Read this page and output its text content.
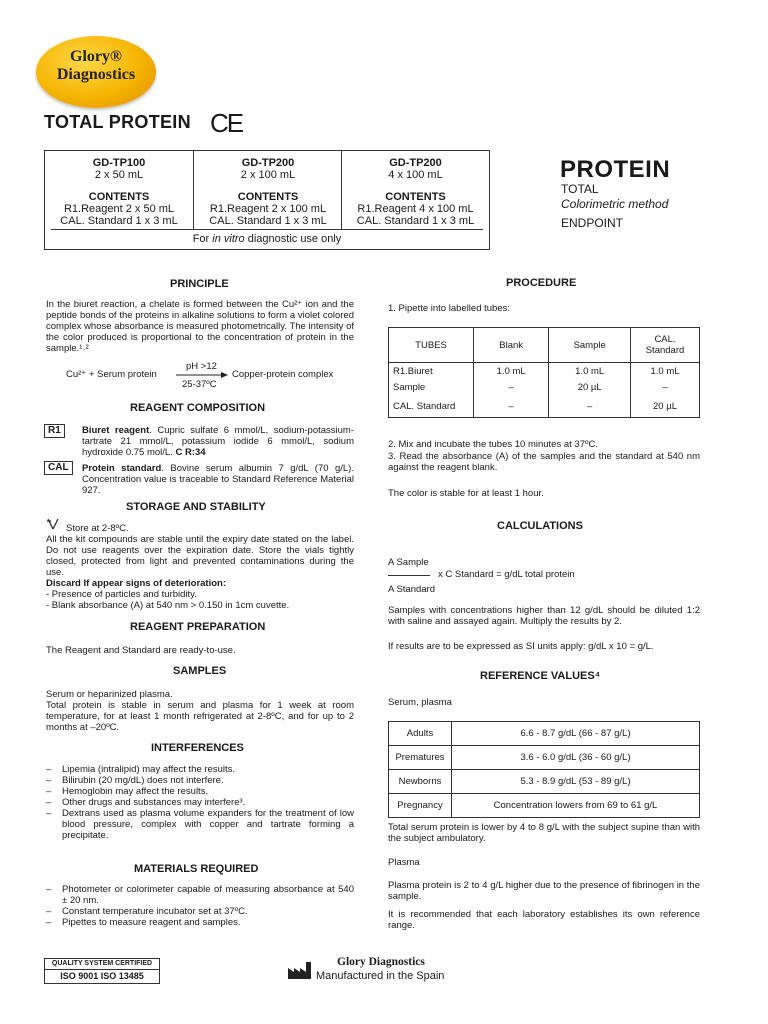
Glory®
Diagnostics
TOTAL PROTEIN CE
GD-TP100
2 x 50 mL
CONTENTS
R1.Reagent 2 x 50 mL
CAL. Standard 1 x 3 mL
GD-TP200
2 x 100 mL
CONTENTS
R1.Reagent 2 x 100 mL
CAL. Standard 1 x 3 mL
GD-TP200
4 x 100 mL
CONTENTS
R1.Reagent 4 x 100 mL
CAL. Standard 1 x 3 mL
For in vitro diagnostic use only
PROTEIN
TOTAL
Colorimetric method
ENDPOINT
PRINCIPLE
In the biuret reaction, a chelate is formed between the Cu²⁺ ion and the peptide bonds of the proteins in alkaline solutions to form a violet colored complex whose absorbance is measured photometrically. The intensity of the color produced is proportional to the concentration of protein in the sample.¹˒²
Cu²⁺ + Serum protein
pH >12
25-37ºC
Copper-protein complex
REAGENT COMPOSITION
R1	Biuret reagent. Cupric sulfate 6 mmol/L, sodium-potassium-tartrate 21 mmol/L, potassium iodide 6 mmol/L, sodium hydroxide 0.75 mol/L. C R:34
CAL	Protein standard. Bovine serum albumin 7 g/dL (70 g/L). Concentration value is traceable to Standard Reference Material 927.
STORAGE AND STABILITY
Store at 2-8ºC.
All the kit compounds are stable until the expiry date stated on the label. Do not use reagents over the expiration date. Store the vials tightly closed, protected from light and prevented contaminations during the use.
Discard If appear signs of deterioration:
- Presence of particles and turbidity.
- Blank absorbance (A) at 540 nm > 0.150 in 1cm cuvette.
REAGENT PREPARATION
The Reagent and Standard are ready-to-use.
SAMPLES
Serum or heparinized plasma.
Total protein is stable in serum and plasma for 1 week at room temperature, for at least 1 month refrigerated at 2-8ºC, and for up to 2 months at –20ºC.
INTERFERENCES
–	Lipemia (intralipid) may affect the results.
–	Bilirubin (20 mg/dL) does not interfere.
–	Hemoglobin may affect the results.
–	Other drugs and substances may interfere³.
–	Dextrans used as plasma volume expanders for the treatment of low blood pressure, complex with copper and tartrate forming a precipitate.
MATERIALS REQUIRED
–	Photometer or colorimeter capable of measuring absorbance at 540 ± 20 nm.
–	Constant temperature incubator set at 37ºC.
–	Pipettes to measure reagent and samples.
PROCEDURE
1. Pipette into labelled tubes:
TUBES	Blank	Sample	CAL. Standard
R1.Biuret	1.0 mL	1.0 mL	1.0 mL
Sample	–	20 µL	–
CAL. Standard	–	–	20 µL
2. Mix and incubate the tubes 10 minutes at 37ºC.
3. Read the absorbance (A) of the samples and the standard at 540 nm against the reagent blank.
The color is stable for at least 1 hour.
CALCULATIONS
A Sample
x C Standard = g/dL total protein
A Standard
Samples with concentrations higher than 12 g/dL should be diluted 1:2 with saline and assayed again. Multiply the results by 2.
If results are to be expressed as SI units apply: g/dL x 10 = g/L.
REFERENCE VALUES⁴
Serum, plasma
Adults	6.6 - 8.7 g/dL (66 - 87 g/L)
Prematures	3.6 - 6.0 g/dL (36 - 60 g/L)
Newborns	5.3 - 8.9 g/dL (53 - 89 g/L)
Pregnancy	Concentration lowers from 69 to 61 g/L
Total serum protein is lower by 4 to 8 g/L with the subject supine than with the subject ambulatory.
Plasma
Plasma protein is 2 to 4 g/L higher due to the presence of fibrinogen in the sample.
It is recommended that each laboratory establishes its own reference range.
QUALITY SYSTEM CERTIFIED
ISO 9001 ISO 13485
Glory Diagnostics
Manufactured in the Spain
